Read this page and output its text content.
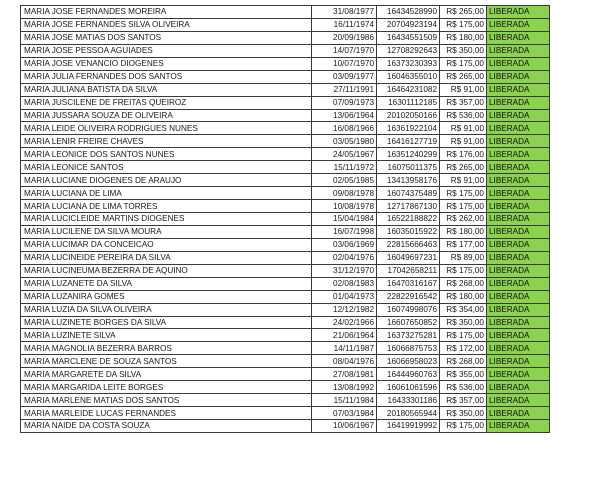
MARIA JOSE FERNANDES MOREIRA	31/08/1977	16434528990	R$ 265,00	LIBERADA
MARIA JOSE FERNANDES SILVA OLIVEIRA	16/11/1974	20704923194	R$ 175,00	LIBERADA
MARIA JOSE MATIAS DOS SANTOS	20/09/1986	16434551509	R$ 180,00	LIBERADA
MARIA JOSE PESSOA AGUIADES	14/07/1970	12708292643	R$ 350,00	LIBERADA
MARIA JOSE VENANCIO DIOGENES	10/07/1970	16373230393	R$ 175,00	LIBERADA
MARIA JULIA FERNANDES DOS SANTOS	03/09/1977	16046355010	R$ 265,00	LIBERADA
MARIA JULIANA BATISTA DA SILVA	27/11/1991	16464231082	R$ 91,00	LIBERADA
MARIA JUSCILENE DE FREITAS QUEIROZ	07/09/1973	16301112185	R$ 357,00	LIBERADA
MARIA JUSSARA SOUZA DE OLIVEIRA	13/06/1964	20102050166	R$ 536,00	LIBERADA
MARIA LEIDE OLIVEIRA RODRIGUES NUNES	16/08/1966	16361922104	R$ 91,00	LIBERADA
MARIA LENIR FREIRE CHAVES	03/05/1980	16416127719	R$ 91,00	LIBERADA
MARIA LEONICE DOS SANTOS NUNES	24/05/1967	16351240299	R$ 176,00	LIBERADA
MARIA LEONICE SANTOS	15/11/1972	16075011375	R$ 265,00	LIBERADA
MARIA LUCIANE DIOGENES DE ARAUJO	02/05/1985	13413958176	R$ 91,00	LIBERADA
MARIA LUCIANA DE LIMA	09/08/1978	16074375489	R$ 175,00	LIBERADA
MARIA LUCIANA DE LIMA TORRES	10/08/1978	12717867130	R$ 175,00	LIBERADA
MARIA LUCICLEIDE MARTINS DIOGENES	15/04/1984	16522188822	R$ 262,00	LIBERADA
MARIA LUCILENE DA SILVA MOURA	16/07/1998	16035015922	R$ 180,00	LIBERADA
MARIA LUCIMAR DA CONCEICAO	03/06/1969	22815666463	R$ 177,00	LIBERADA
MARIA LUCINEIDE PEREIRA DA SILVA	02/04/1976	16049697231	R$ 89,00	LIBERADA
MARIA LUCINEUMA BEZERRA DE AQUINO	31/12/1970	17042658211	R$ 175,00	LIBERADA
MARIA LUZANETE DA SILVA	02/08/1983	16470316167	R$ 268,00	LIBERADA
MARIA LUZANIRA GOMES	01/04/1973	22822916542	R$ 180,00	LIBERADA
MARIA LUZIA DA SILVA OLIVEIRA	12/12/1982	16074998076	R$ 354,00	LIBERADA
MARIA LUZINETE BORGES DA SILVA	24/02/1966	16607650852	R$ 350,00	LIBERADA
MARIA LUZINETE SILVA	21/06/1964	16373275281	R$ 175,00	LIBERADA
MARIA MAGNOLIA BEZERRA BARROS	14/11/1987	16066875753	R$ 172,00	LIBERADA
MARIA MARCLENE DE SOUZA SANTOS	08/04/1976	16066958023	R$ 268,00	LIBERADA
MARIA MARGARETE DA SILVA	27/08/1981	16444960763	R$ 355,00	LIBERADA
MARIA MARGARIDA LEITE BORGES	13/08/1992	16061061596	R$ 536,00	LIBERADA
MARIA MARLENE MATIAS DOS SANTOS	15/11/1984	16433301186	R$ 357,00	LIBERADA
MARIA MARLEIDE LUCAS FERNANDES	07/03/1984	20180565944	R$ 350,00	LIBERADA
MARIA NAIDE DA COSTA SOUZA	10/06/1967	16419919992	R$ 175,00	LIBERADA
